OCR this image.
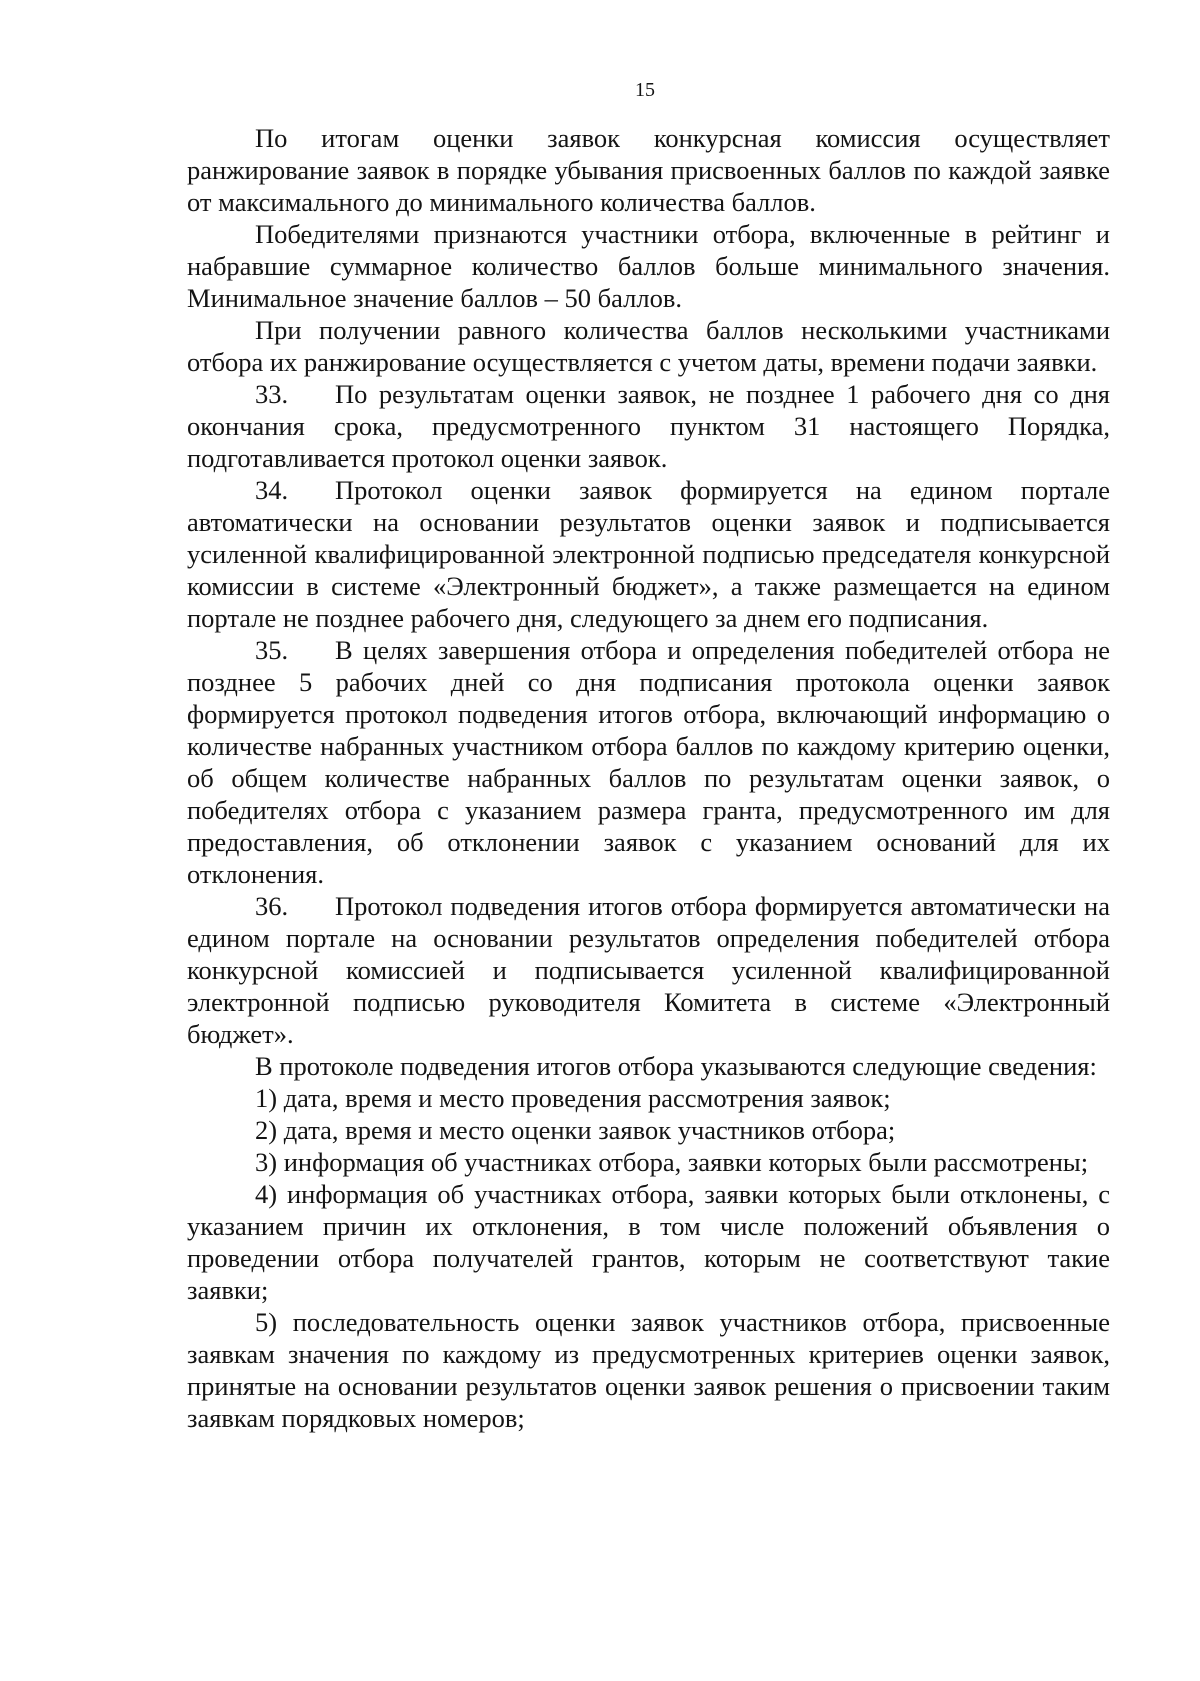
15

По итогам оценки заявок конкурсная комиссия осуществляет ранжирование заявок в порядке убывания присвоенных баллов по каждой заявке от максимального до минимального количества баллов.

Победителями признаются участники отбора, включенные в рейтинг и набравшие суммарное количество баллов больше минимального значения. Минимальное значение баллов – 50 баллов.

При получении равного количества баллов несколькими участниками отбора их ранжирование осуществляется с учетом даты, времени подачи заявки.

33. По результатам оценки заявок, не позднее 1 рабочего дня со дня окончания срока, предусмотренного пунктом 31 настоящего Порядка, подготавливается протокол оценки заявок.

34. Протокол оценки заявок формируется на едином портале автоматически на основании результатов оценки заявок и подписывается усиленной квалифицированной электронной подписью председателя конкурсной комиссии в системе «Электронный бюджет», а также размещается на едином портале не позднее рабочего дня, следующего за днем его подписания.

35. В целях завершения отбора и определения победителей отбора не позднее 5 рабочих дней со дня подписания протокола оценки заявок формируется протокол подведения итогов отбора, включающий информацию о количестве набранных участником отбора баллов по каждому критерию оценки, об общем количестве набранных баллов по результатам оценки заявок, о победителях отбора с указанием размера гранта, предусмотренного им для предоставления, об отклонении заявок с указанием оснований для их отклонения.

36. Протокол подведения итогов отбора формируется автоматически на едином портале на основании результатов определения победителей отбора конкурсной комиссией и подписывается усиленной квалифицированной электронной подписью руководителя Комитета в системе «Электронный бюджет».

В протоколе подведения итогов отбора указываются следующие сведения:

1) дата, время и место проведения рассмотрения заявок;

2) дата, время и место оценки заявок участников отбора;

3) информация об участниках отбора, заявки которых были рассмотрены;

4) информация об участниках отбора, заявки которых были отклонены, с указанием причин их отклонения, в том числе положений объявления о проведении отбора получателей грантов, которым не соответствуют такие заявки;

5) последовательность оценки заявок участников отбора, присвоенные заявкам значения по каждому из предусмотренных критериев оценки заявок, принятые на основании результатов оценки заявок решения о присвоении таким заявкам порядковых номеров;
